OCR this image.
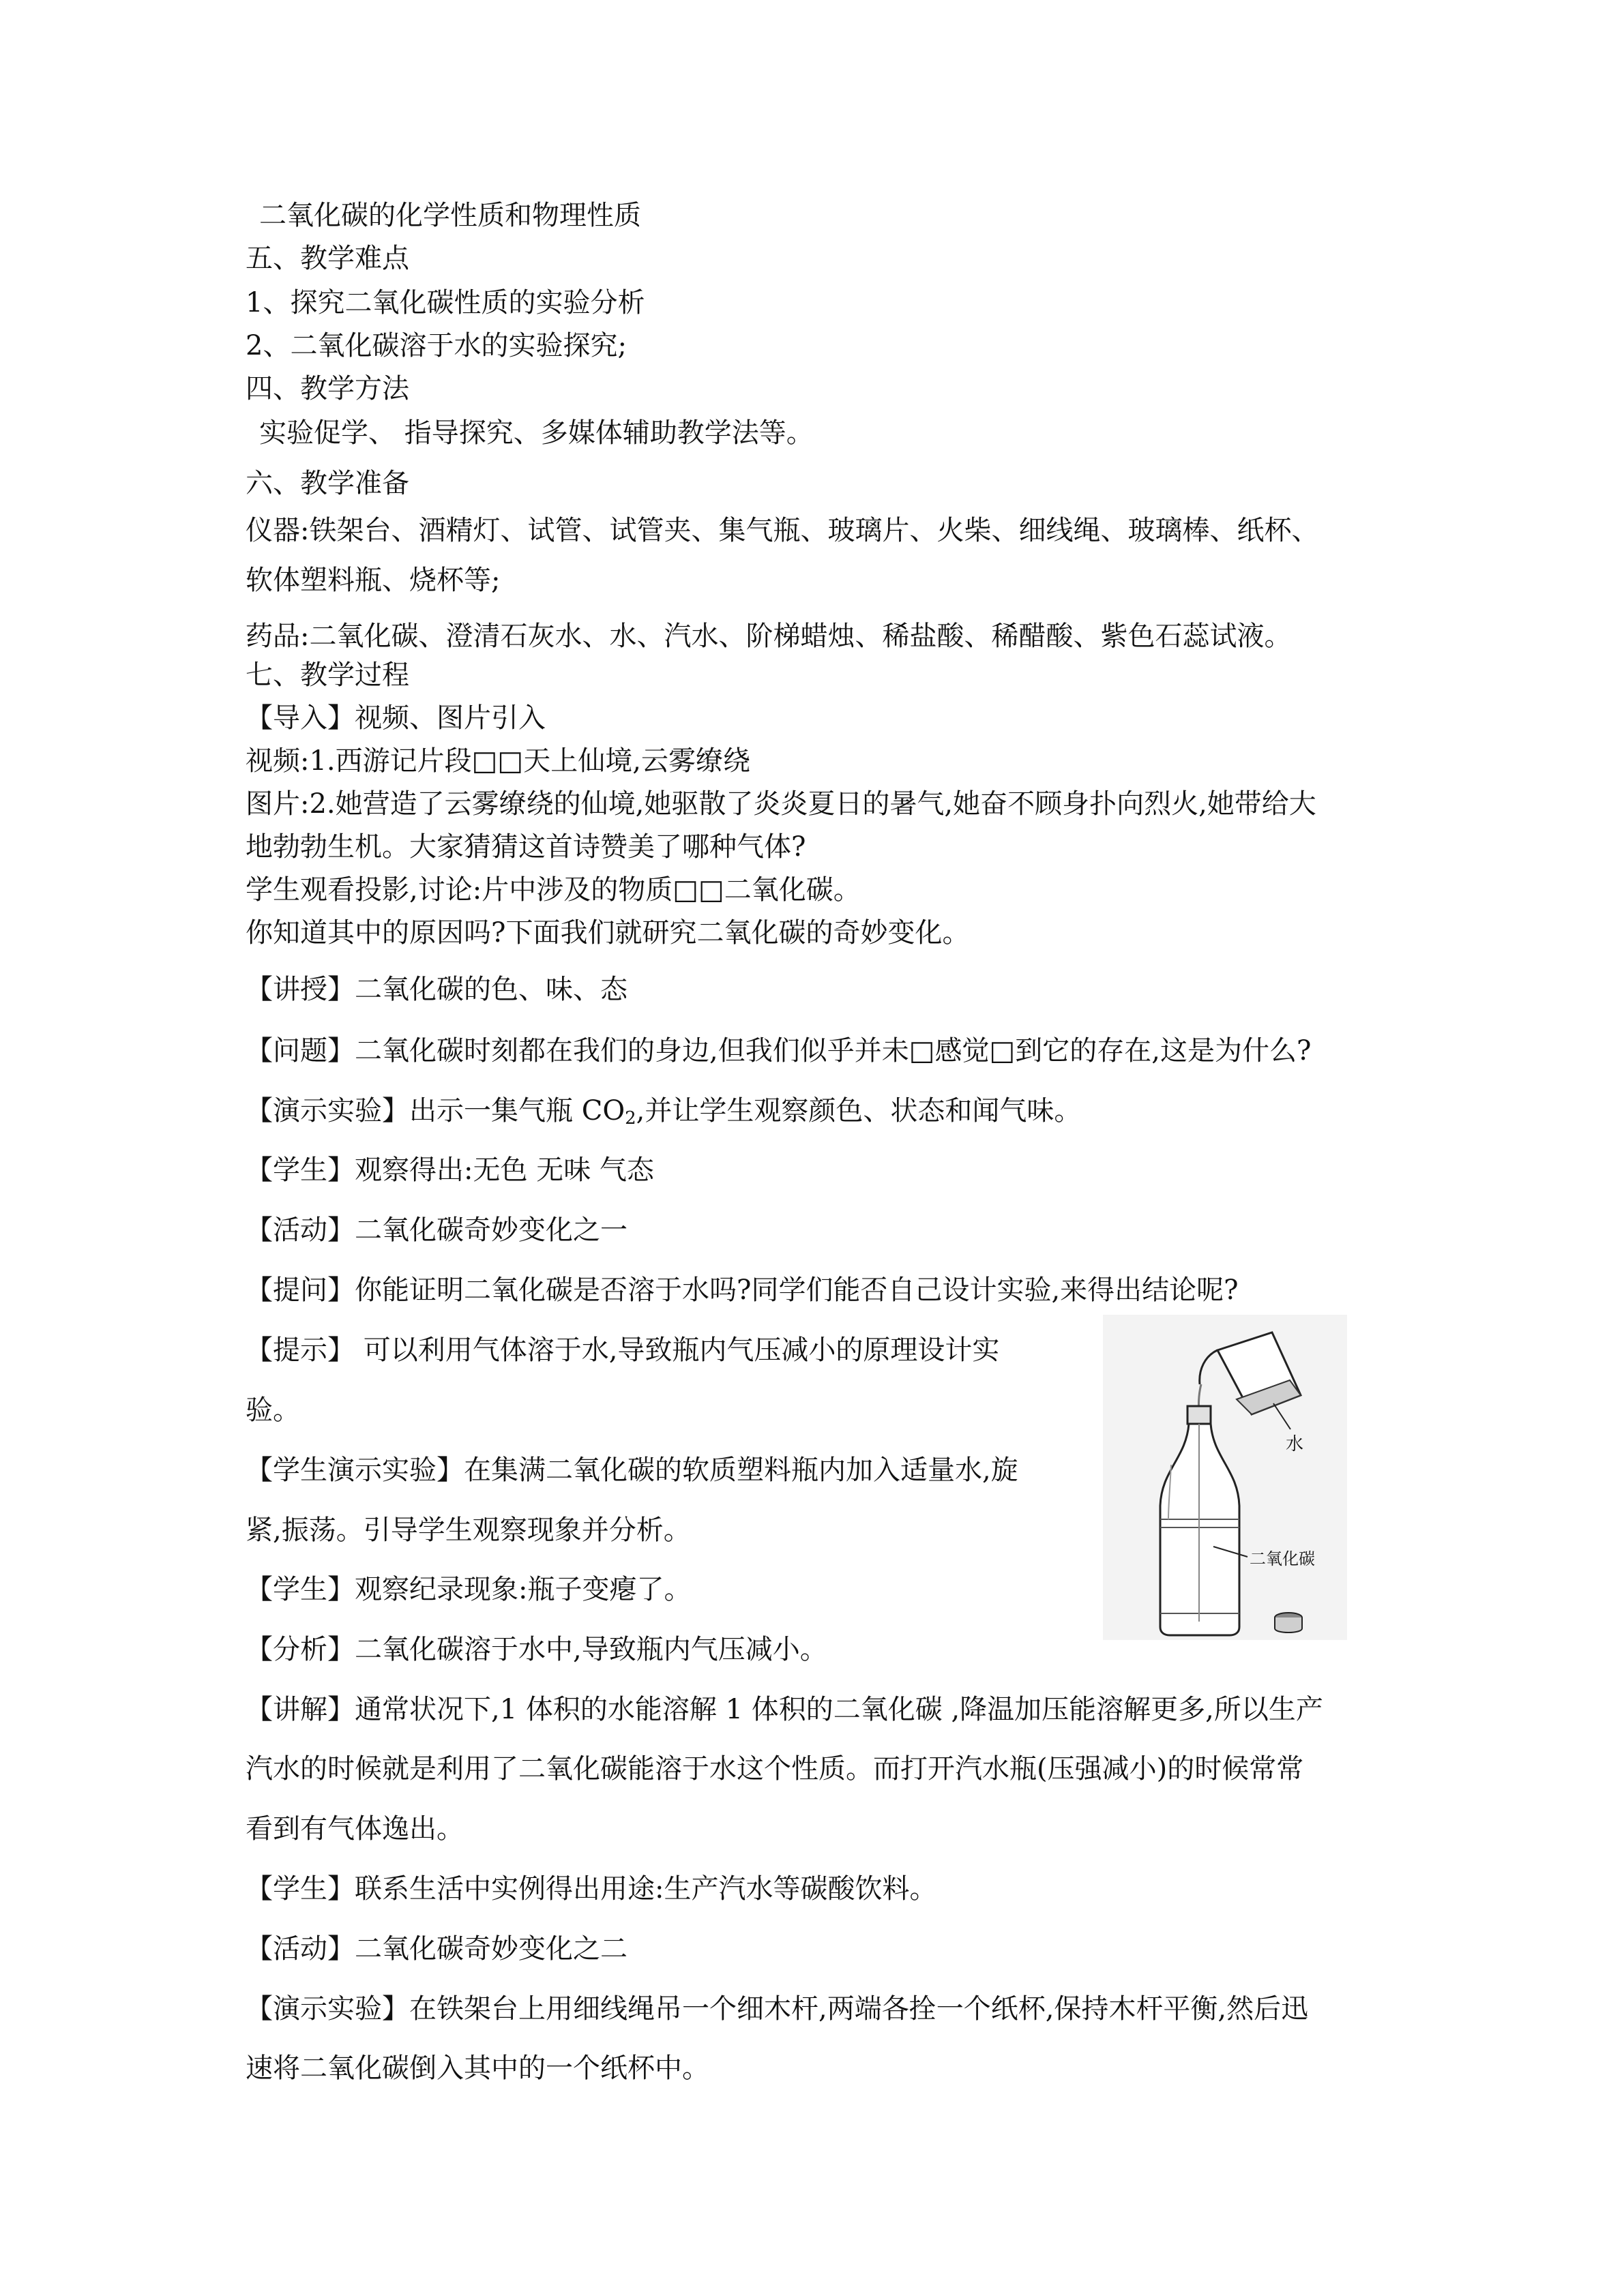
二氧化碳的化学性质和物理性质
五、教学难点
1、探究二氧化碳性质的实验分析
2、二氧化碳溶于水的实验探究;
四、教学方法
实验促学、 指导探究、多媒体辅助教学法等。
六、教学准备
仪器:铁架台、酒精灯、试管、试管夹、集气瓶、玻璃片、火柴、细线绳、玻璃棒、纸杯、
软体塑料瓶、烧杯等;
药品:二氧化碳、澄清石灰水、水、汽水、阶梯蜡烛、稀盐酸、稀醋酸、紫色石蕊试液。
七、教学过程
【导入】视频、图片引入
视频:1.西游记片段□□天上仙境,云雾缭绕
图片:2.她营造了云雾缭绕的仙境,她驱散了炎炎夏日的暑气,她奋不顾身扑向烈火,她带给大
地勃勃生机。大家猜猜这首诗赞美了哪种气体?
学生观看投影,讨论:片中涉及的物质□□二氧化碳。
你知道其中的原因吗?下面我们就研究二氧化碳的奇妙变化。
【讲授】二氧化碳的色、味、态
【问题】二氧化碳时刻都在我们的身边,但我们似乎并未□感觉□到它的存在,这是为什么?
【演示实验】出示一集气瓶 $CO_2$,并让学生观察颜色、状态和闻气味。
【学生】观察得出:无色 无味 气态
【活动】二氧化碳奇妙变化之一
【提问】你能证明二氧化碳是否溶于水吗?同学们能否自己设计实验,来得出结论呢?
【提示】 可以利用气体溶于水,导致瓶内气压减小的原理设计实
验。
【学生演示实验】在集满二氧化碳的软质塑料瓶内加入适量水,旋
紧,振荡。引导学生观察现象并分析。
【学生】观察纪录现象:瓶子变瘪了。
【分析】二氧化碳溶于水中,导致瓶内气压减小。
【讲解】通常状况下,1 体积的水能溶解 1 体积的二氧化碳 ,降温加压能溶解更多,所以生产
汽水的时候就是利用了二氧化碳能溶于水这个性质。而打开汽水瓶(压强减小)的时候常常
看到有气体逸出。
【学生】联系生活中实例得出用途:生产汽水等碳酸饮料。
【活动】二氧化碳奇妙变化之二
【演示实验】在铁架台上用细线绳吊一个细木杆,两端各拴一个纸杯,保持木杆平衡,然后迅
速将二氧化碳倒入其中的一个纸杯中。
水
二氧化碳
